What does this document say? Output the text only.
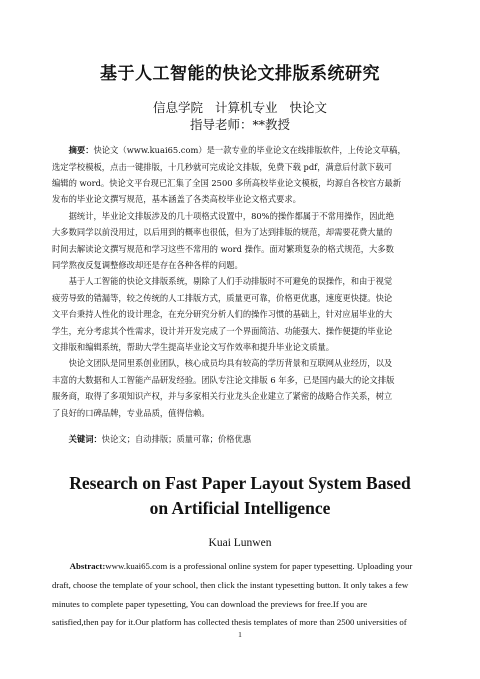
基于人工智能的快论文排版系统研究

信息学院 计算机专业 快论文

指导老师：**教授

摘要：快论文（www.kuai65.com）是一款专业的毕业论文在线排版软件，上传论文草稿，
选定学校模板，点击一键排版，十几秒就可完成论文排版，免费下载 pdf，满意后付款下载可
编辑的 word。快论文平台现已汇集了全国 2500 多所高校毕业论文模板，均源自各校官方最新
发布的毕业论文撰写规范，基本涵盖了各类高校毕业论文格式要求。
据统计，毕业论文排版涉及的几十项格式设置中，80%的操作都属于不常用操作，因此绝
大多数同学以前没用过，以后用到的概率也很低，但为了达到排版的规范，却需要花费大量的
时间去解读论文撰写规范和学习这些不常用的 word 操作。面对繁琐复杂的格式规范，大多数
同学熬夜反复调整修改却还是存在各种各样的问题。
基于人工智能的快论文排版系统，剔除了人们手动排版时不可避免的误操作，和由于视觉
疲劳导致的错漏等，较之传统的人工排版方式，质量更可靠，价格更优惠，速度更快捷。快论
文平台秉持人性化的设计理念，在充分研究分析人们的操作习惯的基础上，针对应届毕业的大
学生，充分考虑其个性需求，设计并开发完成了一个界面简洁、功能强大、操作便捷的毕业论
文排版和编辑系统，帮助大学生提高毕业论文写作效率和提升毕业论文质量。
快论文团队是同里系创业团队，核心成员均具有较高的学历背景和互联网从业经历，以及
丰富的大数据和人工智能产品研发经验。团队专注论文排版 6 年多，已是国内最大的论文排版
服务商，取得了多项知识产权，并与多家相关行业龙头企业建立了紧密的战略合作关系，树立
了良好的口碑品牌，专业品质，值得信赖。

关键词：快论文；自动排版；质量可靠；价格优惠

Research on Fast Paper Layout System Based
on Artificial Intelligence

Kuai Lunwen

Abstract:www.kuai65.com is a professional online system for paper typesetting. Uploading your
draft, choose the template of your school, then click the instant typesetting button. It only takes a few
minutes to complete paper typesetting, You can download the previews for free.If you are
satisfied,then pay for it.Our platform has collected thesis templates of more than 2500 universities of
1
